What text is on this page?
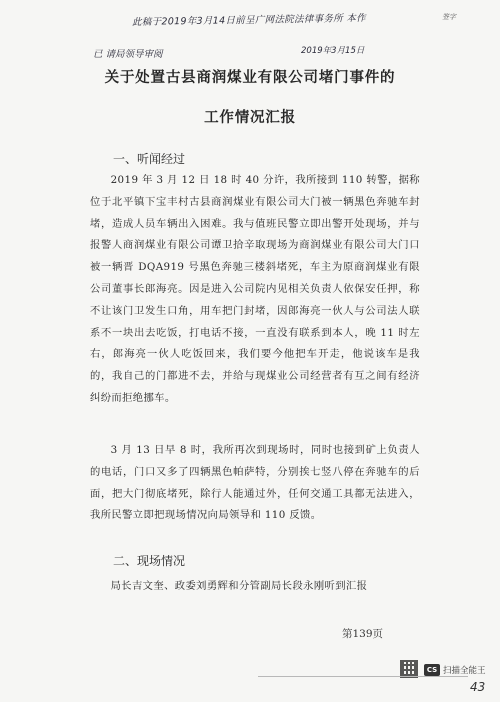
此稿于2019年3月14日前呈广网法院法律事务所 本作	签字
已 请局领导审阅	2019年3月15日
关于处置古县商润煤业有限公司堵门事件的
工作情况汇报
一、听闻经过
2019 年 3 月 12 日 18 时 40 分许，我所接到 110 转警，据称位于北平镇下宝丰村古县商润煤业有限公司大门被一辆黑色奔驰车封堵，造成人员车辆出入困难。我与值班民警立即出警开处现场，并与报警人商润煤业有限公司谭卫拾辛取现场为商润煤业有限公司大门口被一辆晋 DQA919 号黑色奔驰三楼斜堵死，车主为原商润煤业有限公司董事长郎海亮。因是进入公司院内见相关负责人依保安任押，称不让该门卫发生口角，用车把门封堵，因郎海亮一伙人与公司法人联系不一块出去吃饭，打电话不接，一直没有联系到本人，晚 11 时左右，郎海亮一伙人吃饭回来，我们要今他把车开走，他说该车是我的，我自己的门都进不去，并给与现煤业公司经营者有互之间有经济纠纷而拒绝挪车。
3 月 13 日早 8 时，我所再次到现场时，同时也接到矿上负责人的电话，门口又多了四辆黑色帕萨特，分别挨七竖八停在奔驰车的后面，把大门彻底堵死，除行人能通过外，任何交通工具都无法进入，我所民警立即把现场情况向局领导和 110 反馈。
二、现场情况
局长吉文奎、政委刘勇辉和分管副局长段永刚听到汇报
第139页
CS 扫描全能王
43
